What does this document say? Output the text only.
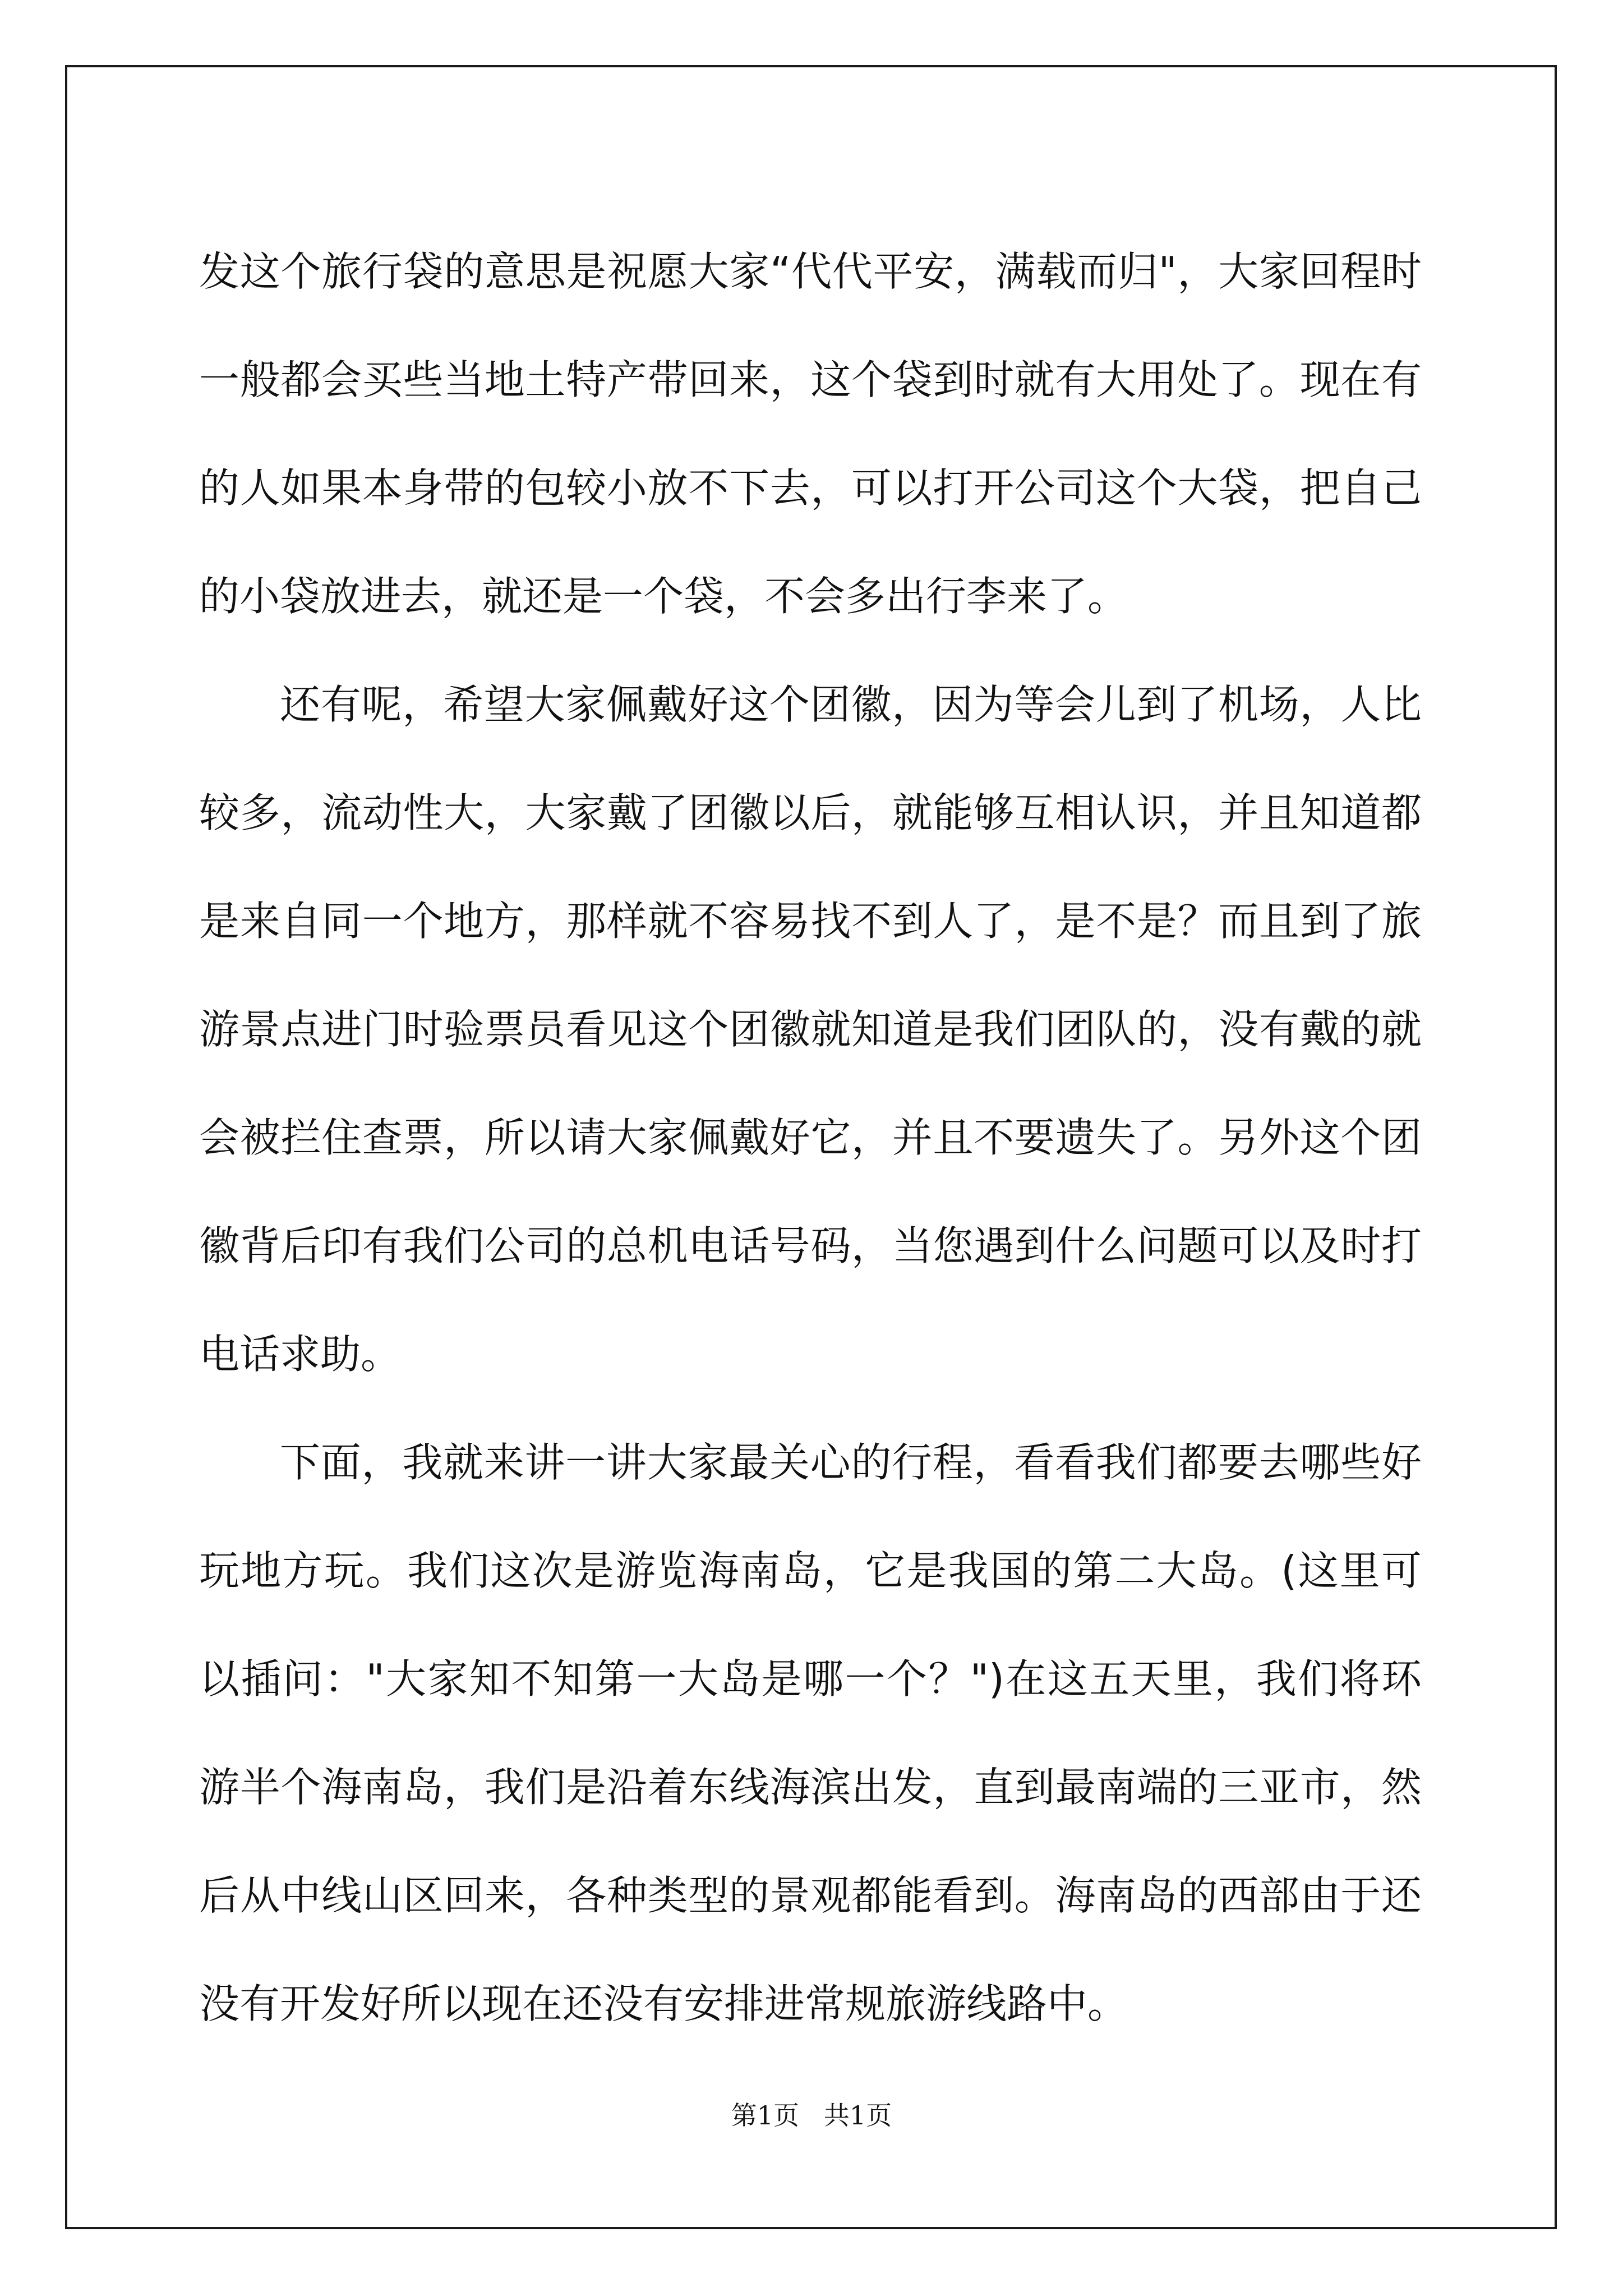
发这个旅行袋的意思是祝愿大家“代代平安，满载而归"，大家回程时一般都会买些当地土特产带回来，这个袋到时就有大用处了。现在有的人如果本身带的包较小放不下去，可以打开公司这个大袋，把自己的小袋放进去，就还是一个袋，不会多出行李来了。

还有呢，希望大家佩戴好这个团徽，因为等会儿到了机场，人比较多，流动性大，大家戴了团徽以后，就能够互相认识，并且知道都是来自同一个地方，那样就不容易找不到人了，是不是？而且到了旅游景点进门时验票员看见这个团徽就知道是我们团队的，没有戴的就会被拦住查票，所以请大家佩戴好它，并且不要遗失了。另外这个团徽背后印有我们公司的总机电话号码，当您遇到什么问题可以及时打电话求助。

下面，我就来讲一讲大家最关心的行程，看看我们都要去哪些好玩地方玩。我们这次是游览海南岛，它是我国的第二大岛。(这里可以插问："大家知不知第一大岛是哪一个？")在这五天里，我们将环游半个海南岛，我们是沿着东线海滨出发，直到最南端的三亚市，然后从中线山区回来，各种类型的景观都能看到。海南岛的西部由于还没有开发好所以现在还没有安排进常规旅游线路中。

第1页   共1页
